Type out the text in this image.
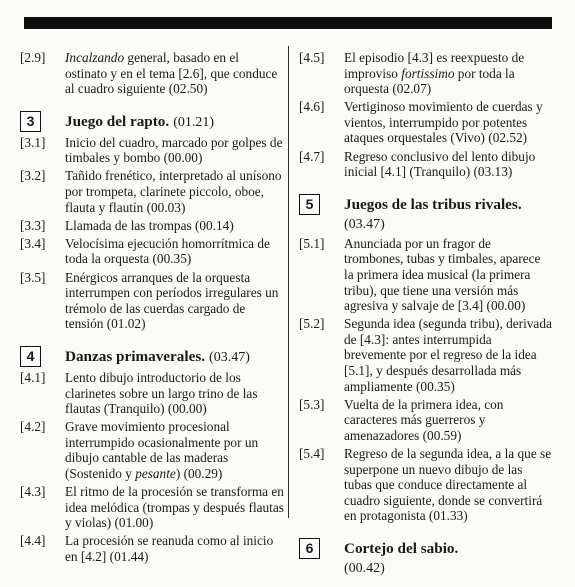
[2.9] Incalzando general, basado en el ostinato y en el tema [2.6], que conduce al cuadro siguiente (02.50)
3	Juego del rapto. (01.21)
[3.1] Inicio del cuadro, marcado por golpes de timbales y bombo (00.00)
[3.2] Tañido frenético, interpretado al unísono por trompeta, clarinete piccolo, oboe, flauta y flautín (00.03)
[3.3] Llamada de las trompas (00.14)
[3.4] Velocísima ejecución homorrítmica de toda la orquesta (00.35)
[3.5] Enérgicos arranques de la orquesta interrumpen con períodos irregulares un trémolo de las cuerdas cargado de tensión (01.02)
4	Danzas primaverales. (03.47)
[4.1] Lento dibujo introductorio de los clarinetes sobre un largo trino de las flautas (Tranquilo) (00.00)
[4.2] Grave movimiento procesional interrumpido ocasionalmente por un dibujo cantable de las maderas (Sostenido y pesante) (00.29)
[4.3] El ritmo de la procesión se transforma en idea melódica (trompas y después flautas y violas) (01.00)
[4.4] La procesión se reanuda como al inicio en [4.2] (01.44)
[4.5] El episodio [4.3] es reexpuesto de improviso fortissimo por toda la orquesta (02.07)
[4.6] Vertiginoso movimiento de cuerdas y vientos, interrumpido por potentes ataques orquestales (Vivo) (02.52)
[4.7] Regreso conclusivo del lento dibujo inicial [4.1] (Tranquilo) (03.13)
5	Juegos de las tribus rivales.
(03.47)
[5.1] Anunciada por un fragor de trombones, tubas y timbales, aparece la primera idea musical (la primera tribu), que tiene una versión más agresiva y salvaje de [3.4] (00.00)
[5.2] Segunda idea (segunda tribu), derivada de [4.3]: antes interrumpida brevemente por el regreso de la idea [5.1], y después desarrollada más ampliamente (00.35)
[5.3] Vuelta de la primera idea, con caracteres más guerreros y amenazadores (00.59)
[5.4] Regreso de la segunda idea, a la que se superpone un nuevo dibujo de las tubas que conduce directamente al cuadro siguiente, donde se convertirá en protagonista (01.33)
6	Cortejo del sabio.
(00.42)
